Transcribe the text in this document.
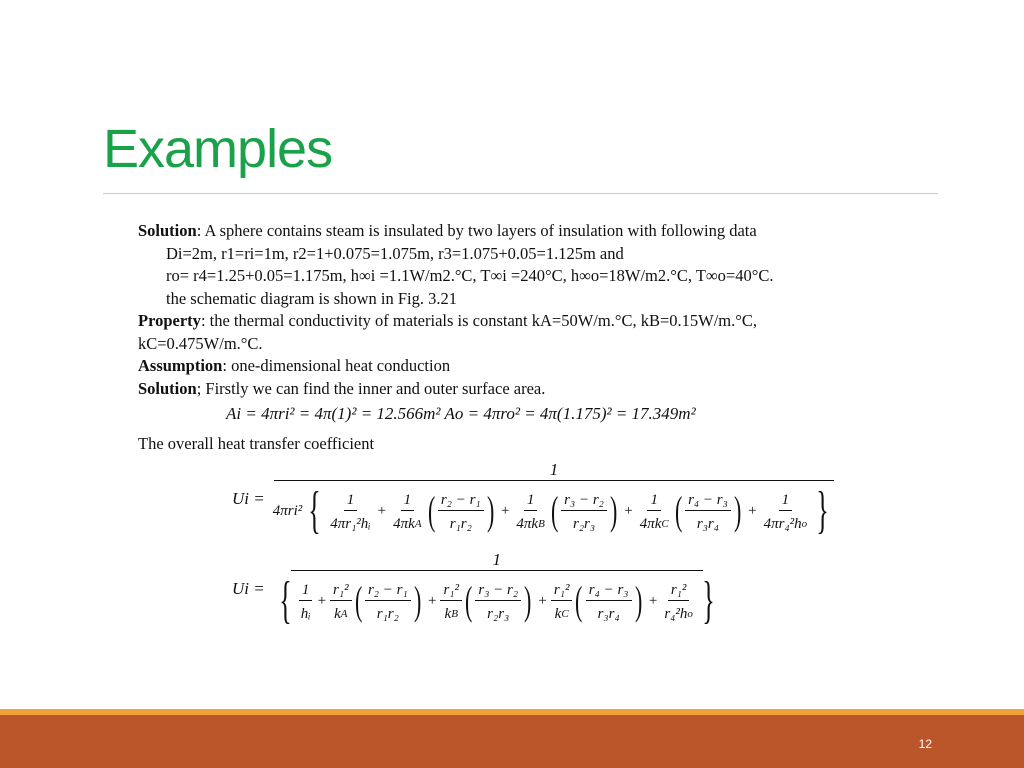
Examples

Solution: A sphere contains steam is insulated by two layers of insulation with following data

Di=2m, r1=ri=1m, r2=1+0.075=1.075m, r3=1.075+0.05=1.125m and

ro= r4=1.25+0.05=1.175m, h∞i =1.1W/m2.°C, T∞i =240°C, h∞o=18W/m2.°C, T∞o=40°C.

the schematic diagram is shown in Fig. 3.21

Property: the thermal conductivity of materials is constant kA=50W/m.°C, kB=0.15W/m.°C,

kC=0.475W/m.°C.

Assumption: one-dimensional heat conduction

Solution; Firstly we can find the inner and outer surface area.

Ai = 4πri² = 4π(1)² = 12.566m² Ao = 4πro² = 4π(1.175)² = 17.349m²
The overall heat transfer coefficient
Ui =
1
4πri² { $\frac{1}{\text{4πr₁²hᵢ}} + \frac{1}{\text{4πk A}}$ ( $\frac{\text{r₂ − r₁}}{\text{r₁r₂}}$ ) + $\frac{1}{\text{4πk B}}$ ( $\frac{\text{r₃ − r₂}}{\text{r₂r₃}}$ ) + $\frac{1}{\text{4πk C}}$ ( $\frac{\text{r₄ − r₃}}{\text{r₃r₄}}$ ) + $\frac{1}{\text{4πr₄²h o}}$ }
Ui =
1
{ $\frac{1}{\text{hᵢ}} + \frac{\text{r₁²}}{\text{k A}}$ ( $\frac{\text{r₂ − r₁}}{\text{r₁r₂}}$ ) + $\frac{\text{r₁²}}{\text{k B}}$ ( $\frac{\text{r₃ − r₂}}{\text{r₂r₃}}$ ) + $\frac{\text{r₁²}}{\text{k C}}$ ( $\frac{\text{r₄ − r₃}}{\text{r₃r₄}}$ ) + $\frac{\text{r₁²}}{\text{r₄²h o}}$ }
12
